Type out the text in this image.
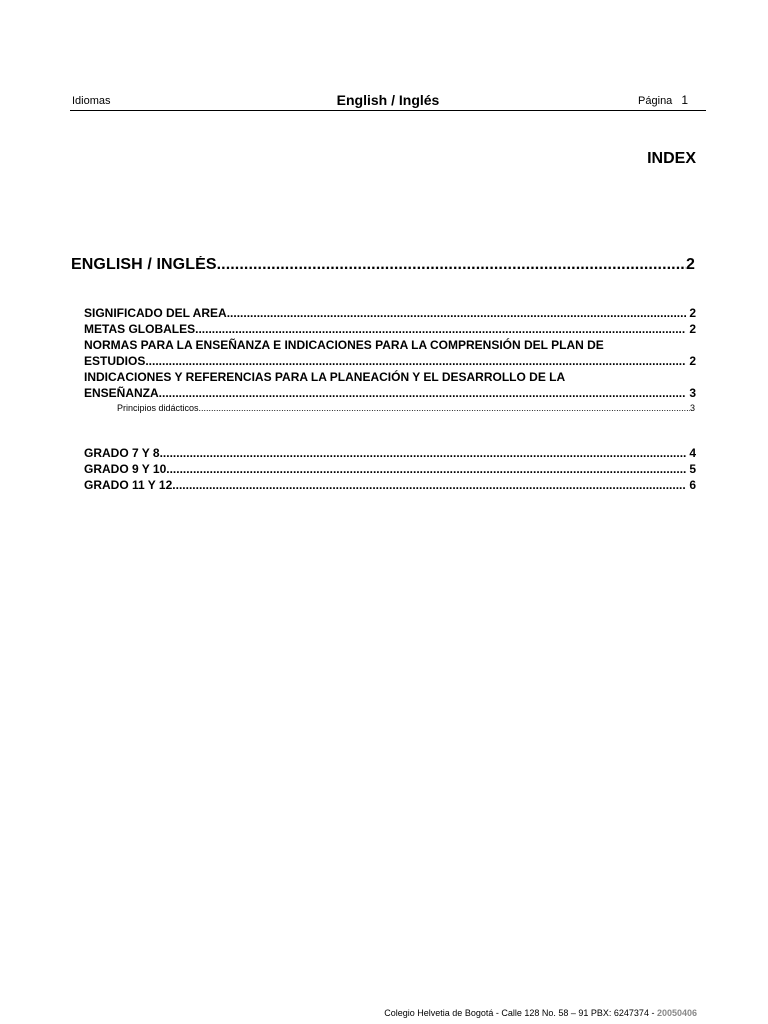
Idiomas	English / Inglés	Página 1
INDEX
ENGLISH / INGLÉS .....	2
SIGNIFICADO DEL AREA .....	2
METAS GLOBALES .....	2
NORMAS PARA LA ENSEÑANZA E INDICACIONES PARA LA COMPRENSIÓN DEL PLAN DE
ESTUDIOS .....	2
INDICACIONES Y REFERENCIAS PARA LA PLANEACIÓN Y EL DESARROLLO DE LA
ENSEÑANZA .....	3
Principios didácticos .....	3
GRADO 7 Y 8 .....	4
GRADO 9 Y 10 .....	5
GRADO 11 Y 12 .....	6
Colegio Helvetia de Bogotá - Calle 128 No. 58 – 91 PBX: 6247374 - 20050406
